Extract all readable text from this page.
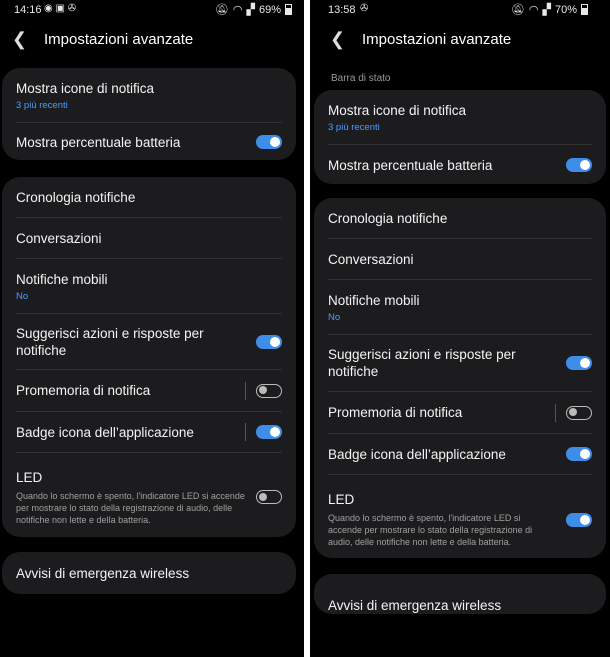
14:16 ◉ ▣ ✇	🔕︎ ◠ ▞ 69%
❮	Impostazioni avanzate
Mostra icone di notifica
3 più recenti
Mostra percentuale batteria
Cronologia notifiche
Conversazioni
Notifiche mobili
No
Suggerisci azioni e risposte per notifiche
Promemoria di notifica
Badge icona dell’applicazione
LED
Quando lo schermo è spento, l'indicatore LED si accende per mostrare lo stato della registrazione di audio, delle notifiche non lette e della batteria.
Avvisi di emergenza wireless
13:58 ✇	🔕︎ ◠ ▞ 70%
❮	Impostazioni avanzate
Barra di stato
Mostra icone di notifica
3 più recenti
Mostra percentuale batteria
Cronologia notifiche
Conversazioni
Notifiche mobili
No
Suggerisci azioni e risposte per notifiche
Promemoria di notifica
Badge icona dell’applicazione
LED
Quando lo schermo è spento, l'indicatore LED si accende per mostrare lo stato della registrazione di audio, delle notifiche non lette e della batteria.
Avvisi di emergenza wireless
